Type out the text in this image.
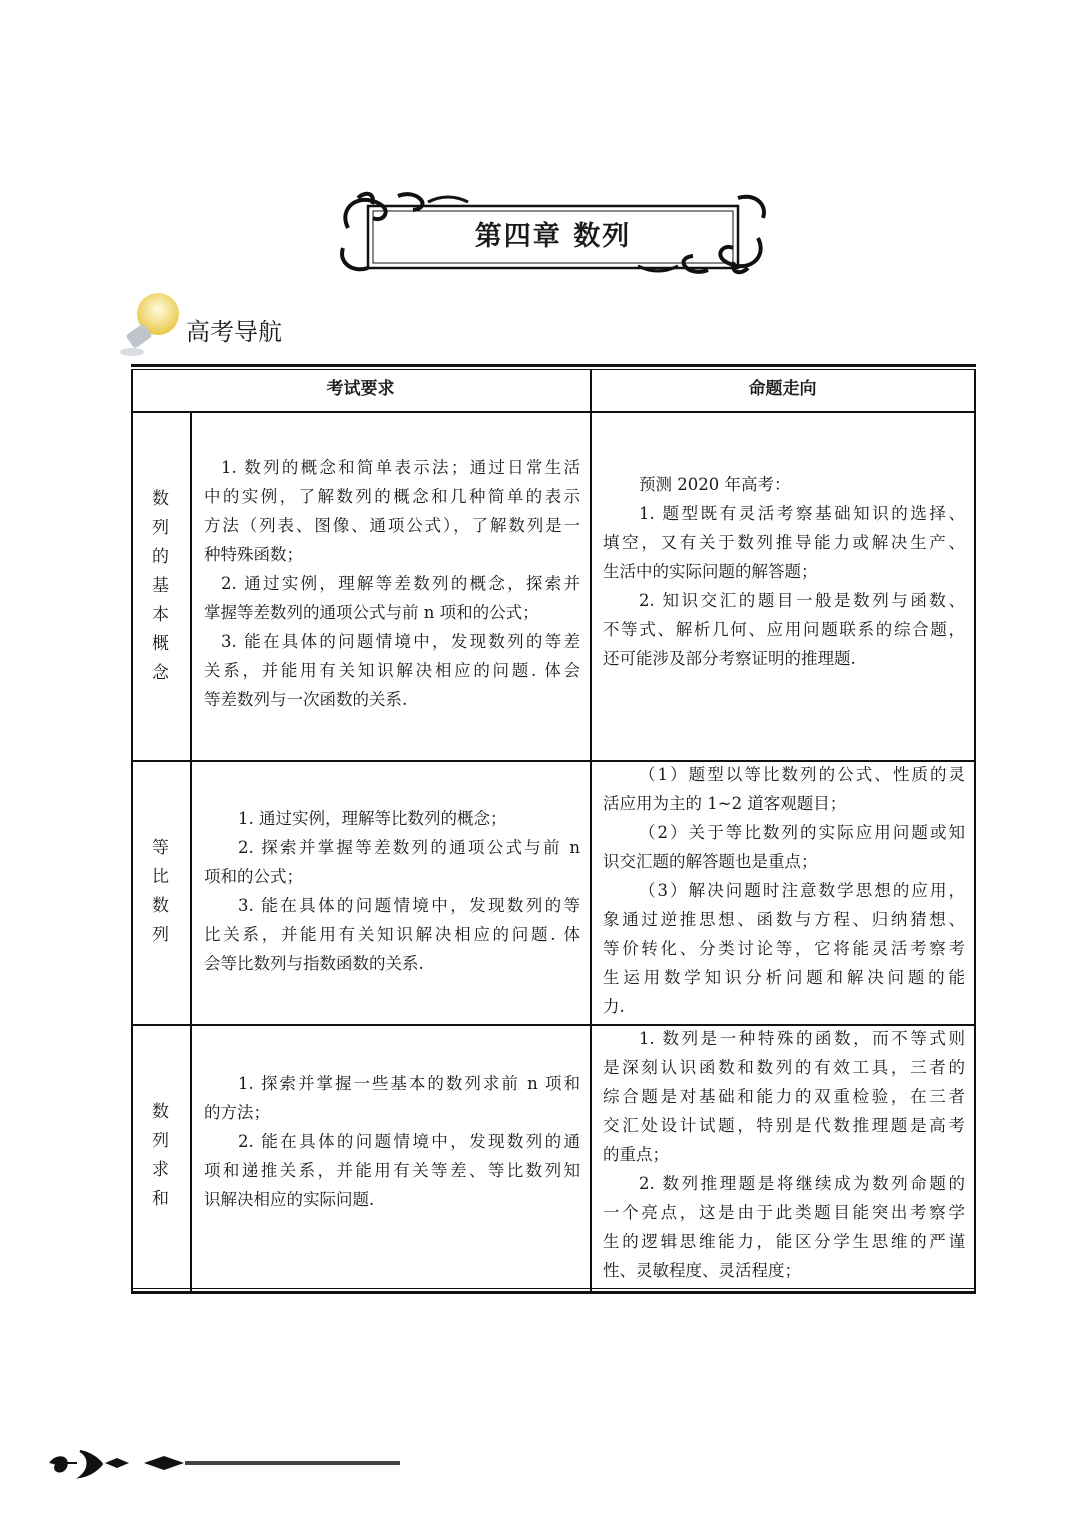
第四章 数列
高考导航
考试要求	命题走向
数
列
的
基
本
概
念
1. 数列的概念和简单表示法；通过日常生活
中的实例，了解数列的概念和几种简单的表示
方法（列表、图像、通项公式），了解数列是一
种特殊函数；
2. 通过实例，理解等差数列的概念，探索并
掌握等差数列的通项公式与前 n 项和的公式；
3. 能在具体的问题情境中，发现数列的等差
关系，并能用有关知识解决相应的问题. 体会
等差数列与一次函数的关系.
预测 2020 年高考：
1. 题型既有灵活考察基础知识的选择、
填空，又有关于数列推导能力或解决生产、
生活中的实际问题的解答题；
2. 知识交汇的题目一般是数列与函数、
不等式、解析几何、应用问题联系的综合题，
还可能涉及部分考察证明的推理题.
等
比
数
列
1. 通过实例，理解等比数列的概念；
2. 探索并掌握等差数列的通项公式与前 n
项和的公式；
3. 能在具体的问题情境中，发现数列的等
比关系，并能用有关知识解决相应的问题. 体
会等比数列与指数函数的关系.
（1）题型以等比数列的公式、性质的灵
活应用为主的 1~2 道客观题目；
（2）关于等比数列的实际应用问题或知
识交汇题的解答题也是重点；
（3）解决问题时注意数学思想的应用，
象通过逆推思想、函数与方程、归纳猜想、
等价转化、分类讨论等，它将能灵活考察考
生运用数学知识分析问题和解决问题的能
力.
数
列
求
和
1. 探索并掌握一些基本的数列求前 n 项和
的方法；
2. 能在具体的问题情境中，发现数列的通
项和递推关系，并能用有关等差、等比数列知
识解决相应的实际问题.
1. 数列是一种特殊的函数，而不等式则
是深刻认识函数和数列的有效工具，三者的
综合题是对基础和能力的双重检验，在三者
交汇处设计试题，特别是代数推理题是高考
的重点；
2. 数列推理题是将继续成为数列命题的
一个亮点，这是由于此类题目能突出考察学
生的逻辑思维能力，能区分学生思维的严谨
性、灵敏程度、灵活程度；
